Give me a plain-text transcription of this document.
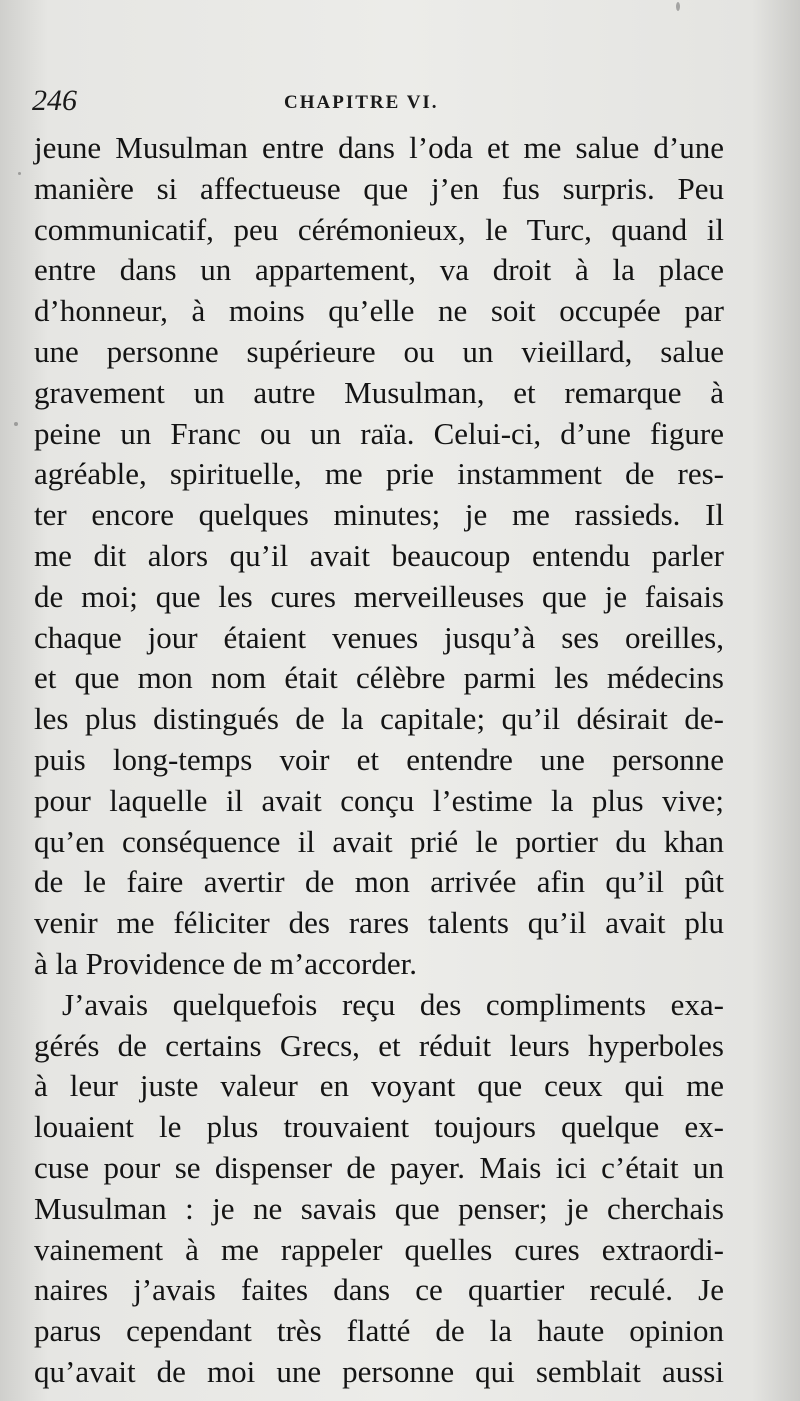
246	CHAPITRE VI.
jeune Musulman entre dans l’oda et me salue d’une
manière si affectueuse que j’en fus surpris. Peu
communicatif, peu cérémonieux, le Turc, quand il
entre dans un appartement, va droit à la place
d’honneur, à moins qu’elle ne soit occupée par
une personne supérieure ou un vieillard, salue
gravement un autre Musulman, et remarque à
peine un Franc ou un raïa. Celui-ci, d’une figure
agréable, spirituelle, me prie instamment de res-
ter encore quelques minutes; je me rassieds. Il
me dit alors qu’il avait beaucoup entendu parler
de moi; que les cures merveilleuses que je faisais
chaque jour étaient venues jusqu’à ses oreilles,
et que mon nom était célèbre parmi les médecins
les plus distingués de la capitale; qu’il désirait de-
puis long-temps voir et entendre une personne
pour laquelle il avait conçu l’estime la plus vive;
qu’en conséquence il avait prié le portier du khan
de le faire avertir de mon arrivée afin qu’il pût
venir me féliciter des rares talents qu’il avait plu
à la Providence de m’accorder.
J’avais quelquefois reçu des compliments exa-
gérés de certains Grecs, et réduit leurs hyperboles
à leur juste valeur en voyant que ceux qui me
louaient le plus trouvaient toujours quelque ex-
cuse pour se dispenser de payer. Mais ici c’était un
Musulman : je ne savais que penser; je cherchais
vainement à me rappeler quelles cures extraordi-
naires j’avais faites dans ce quartier reculé. Je
parus cependant très flatté de la haute opinion
qu’avait de moi une personne qui semblait aussi
